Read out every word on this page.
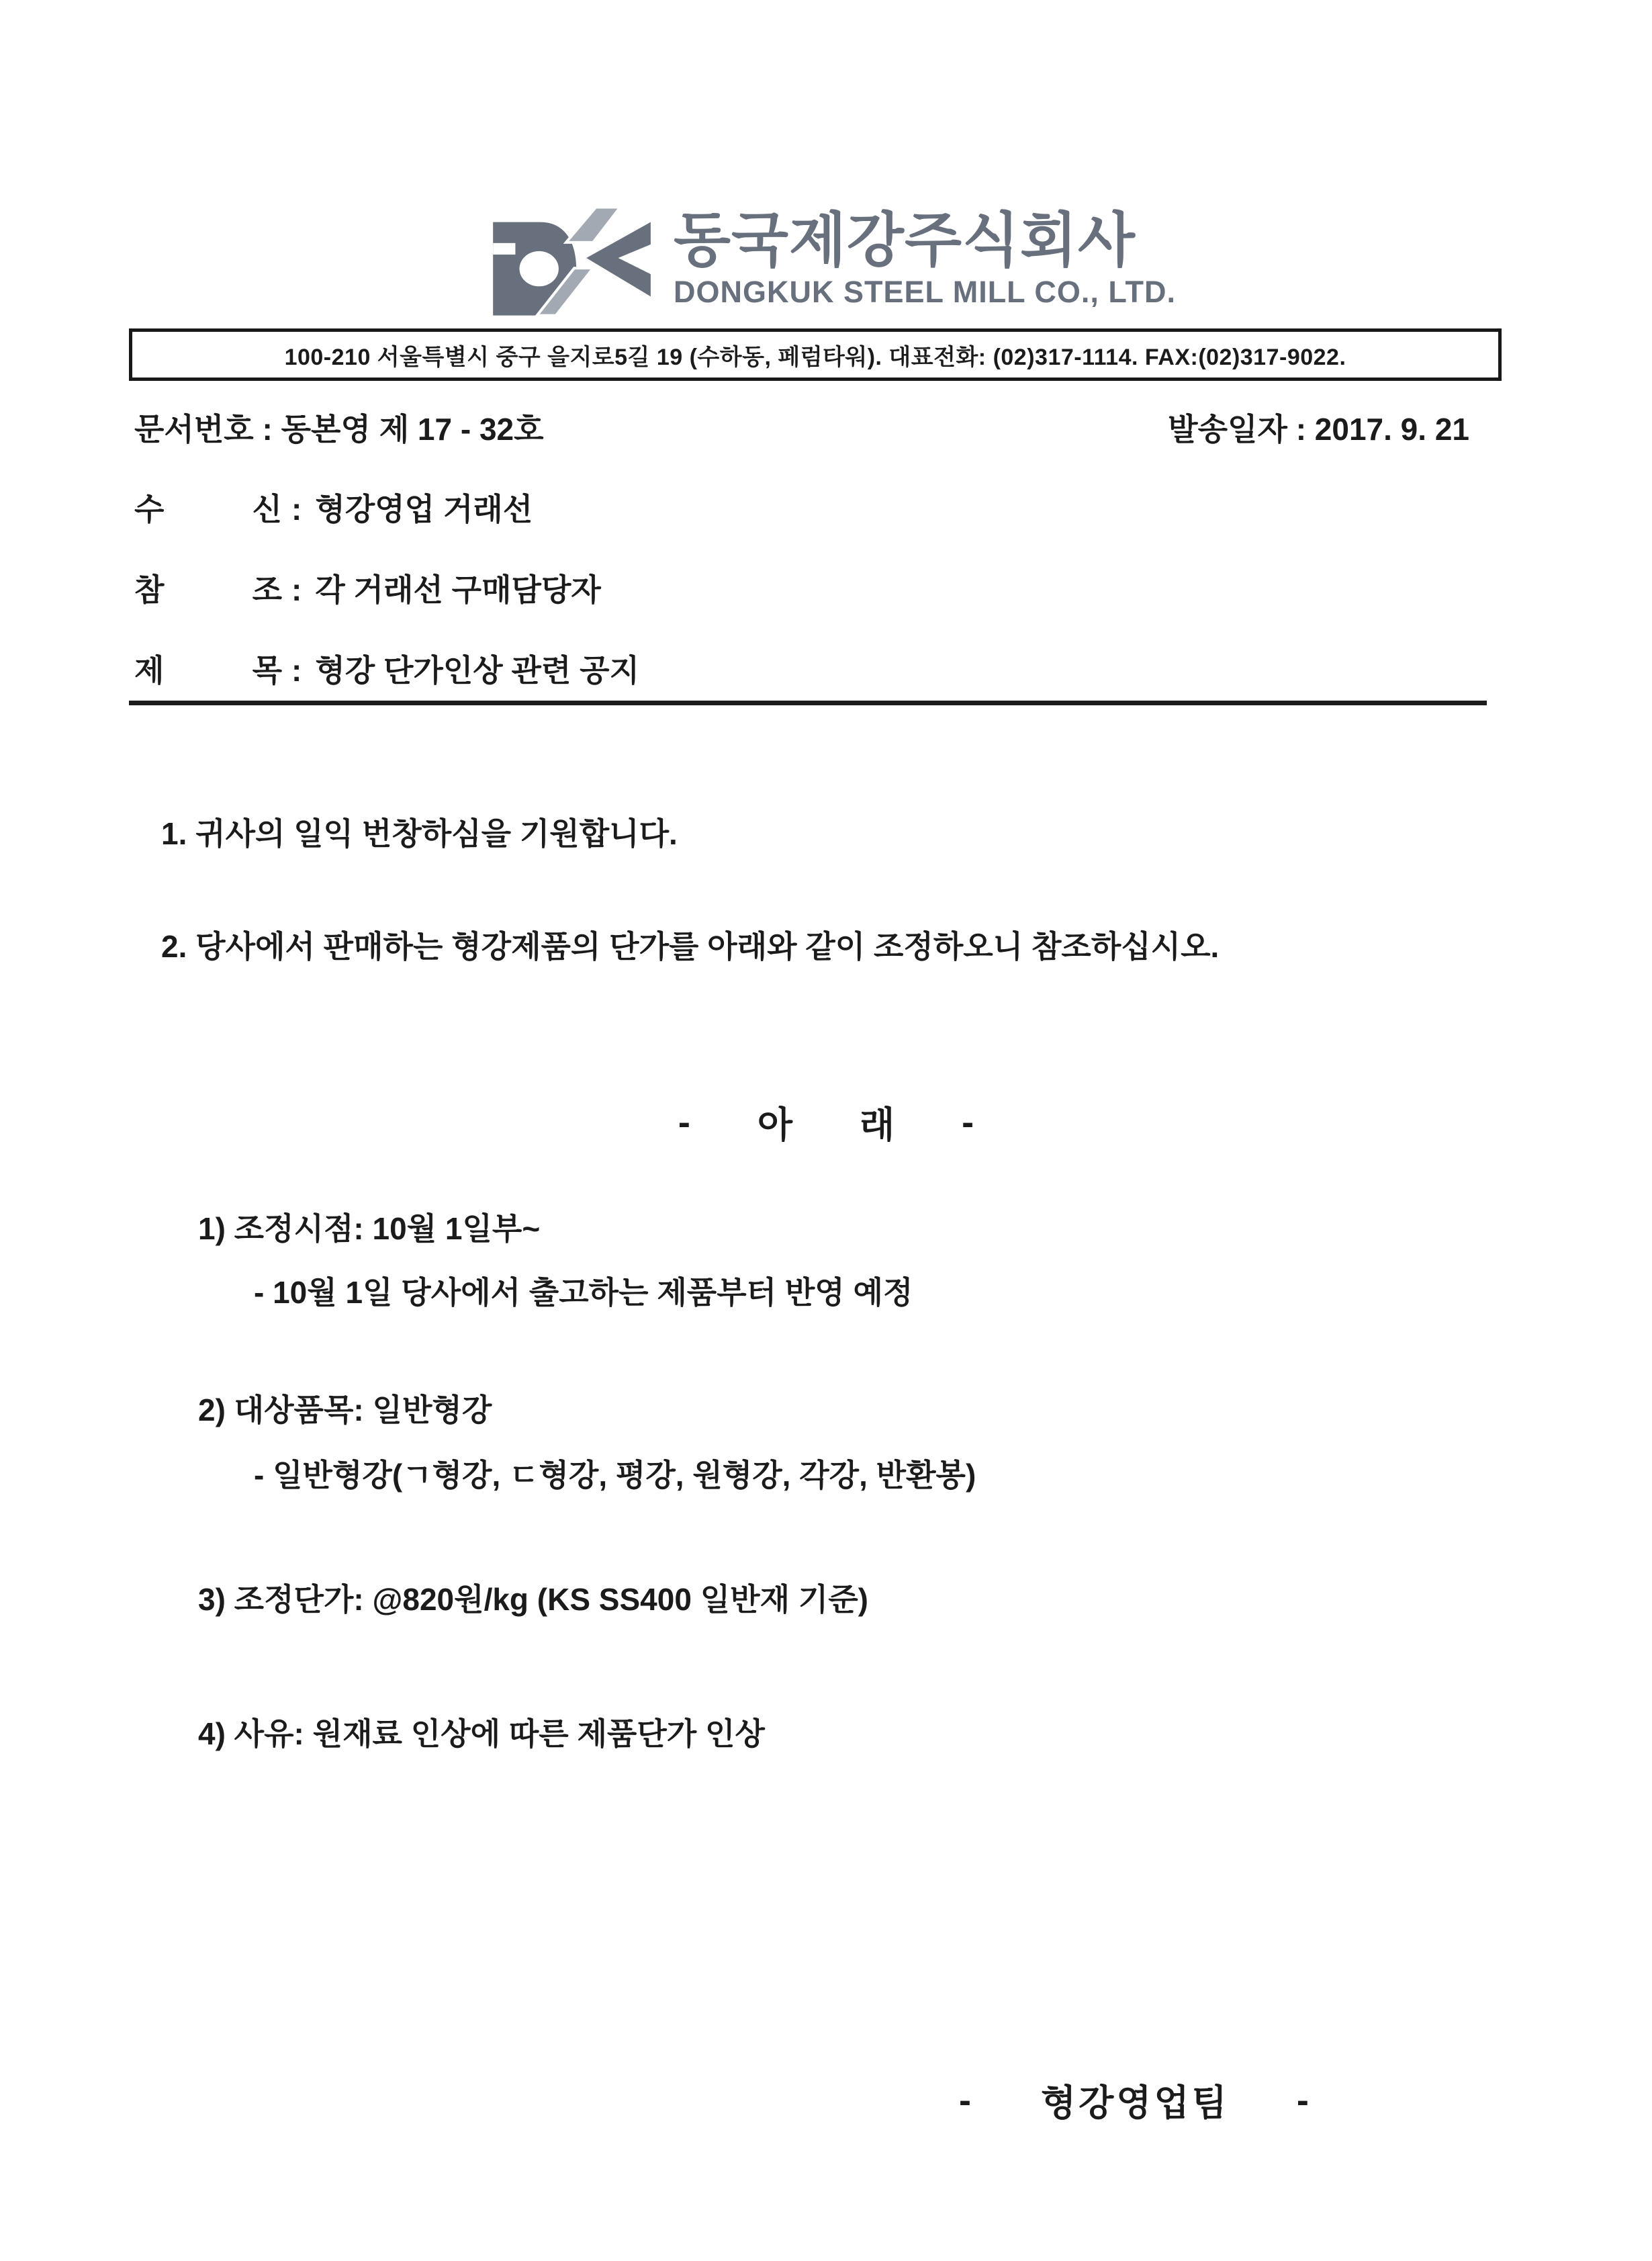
동국제강주식회사
DONGKUK STEEL MILL CO., LTD.
100-210 서울특별시 중구 을지로5길 19 (수하동, 페럼타워). 대표전화: (02)317-1114. FAX:(02)317-9022.
문서번호 : 동본영 제 17 - 32호	발송일자 : 2017. 9. 21
수	신 : 형강영업 거래선
참	조 : 각 거래선 구매담당자
제	목 : 형강 단가인상 관련 공지
1. 귀사의 일익 번창하심을 기원합니다.
2. 당사에서 판매하는 형강제품의 단가를 아래와 같이 조정하오니 참조하십시오.
- 아 래 -
1) 조정시점: 10월 1일부~
- 10월 1일 당사에서 출고하는 제품부터 반영 예정
2) 대상품목: 일반형강
- 일반형강(ㄱ형강, ㄷ형강, 평강, 원형강, 각강, 반환봉)
3) 조정단가: @820원/kg (KS SS400 일반재 기준)
4) 사유: 원재료 인상에 따른 제품단가 인상
- 형강영업팀 -
